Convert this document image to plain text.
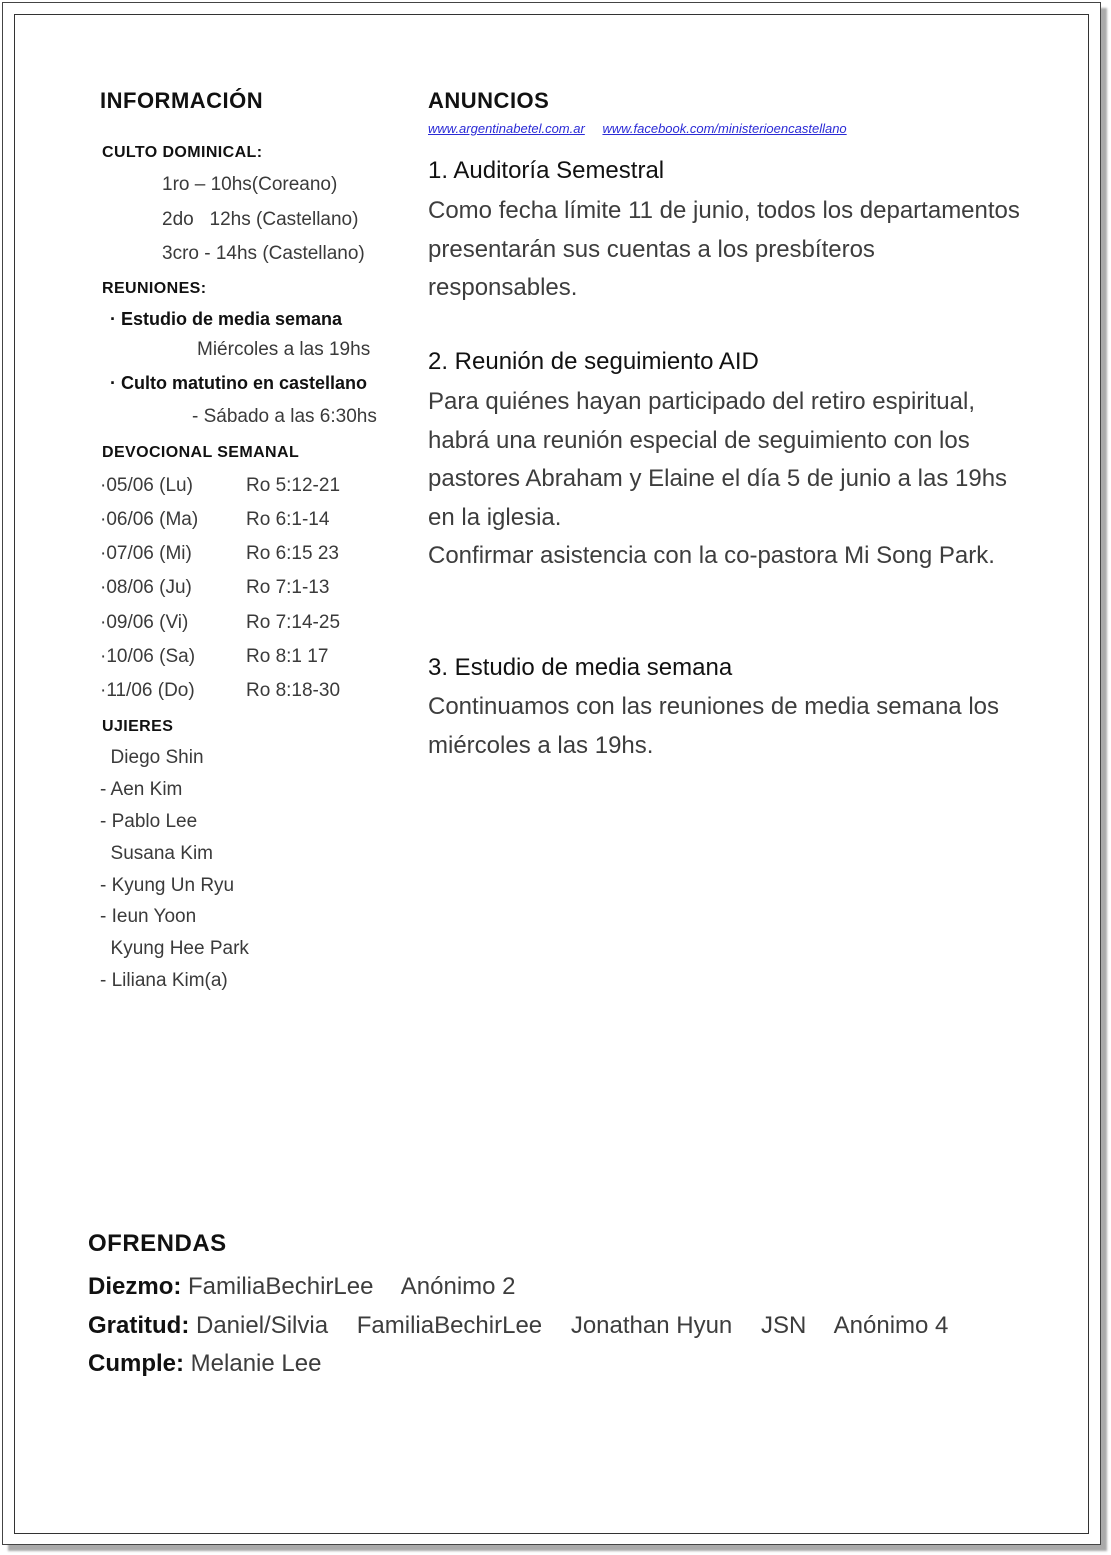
INFORMACIÓN
CULTO DOMINICAL:
1ro – 10hs(Coreano)
2do   12hs (Castellano)
3cro - 14hs (Castellano)
REUNIONES:
· Estudio de media semana
Miércoles a las 19hs
· Culto matutino en castellano
- Sábado a las 6:30hs
DEVOCIONAL SEMANAL
·05/06 (Lu)	Ro 5:12-21
·06/06 (Ma)	Ro 6:1-14
·07/06 (Mi)	Ro 6:15 23
·08/06 (Ju)	Ro 7:1-13
·09/06 (Vi)	Ro 7:14-25
·10/06 (Sa)	Ro 8:1 17
·11/06 (Do)	Ro 8:18-30
UJIERES
Diego Shin
- Aen Kim
- Pablo Lee
Susana Kim
- Kyung Un Ryu
- Ieun Yoon
Kyung Hee Park
- Liliana Kim(a)
ANUNCIOS
www.argentinabetel.com.ar www.facebook.com/ministerioencastellano
1. Auditoría Semestral

Como fecha límite 11 de junio, todos los departamentos presentarán sus cuentas a los presbíteros responsables.

2. Reunión de seguimiento AID

Para quiénes hayan participado del retiro espiritual, habrá una reunión especial de seguimiento con los pastores Abraham y Elaine el día 5 de junio a las 19hs en la iglesia.

Confirmar asistencia con la co-pastora Mi Song Park.

3. Estudio de media semana

Continuamos con las reuniones de media semana los miércoles a las 19hs.

OFRENDAS
Diezmo: FamiliaBechirLee Anónimo 2
Gratitud: Daniel/Silvia FamiliaBechirLee Jonathan Hyun JSN Anónimo 4
Cumple: Melanie Lee
